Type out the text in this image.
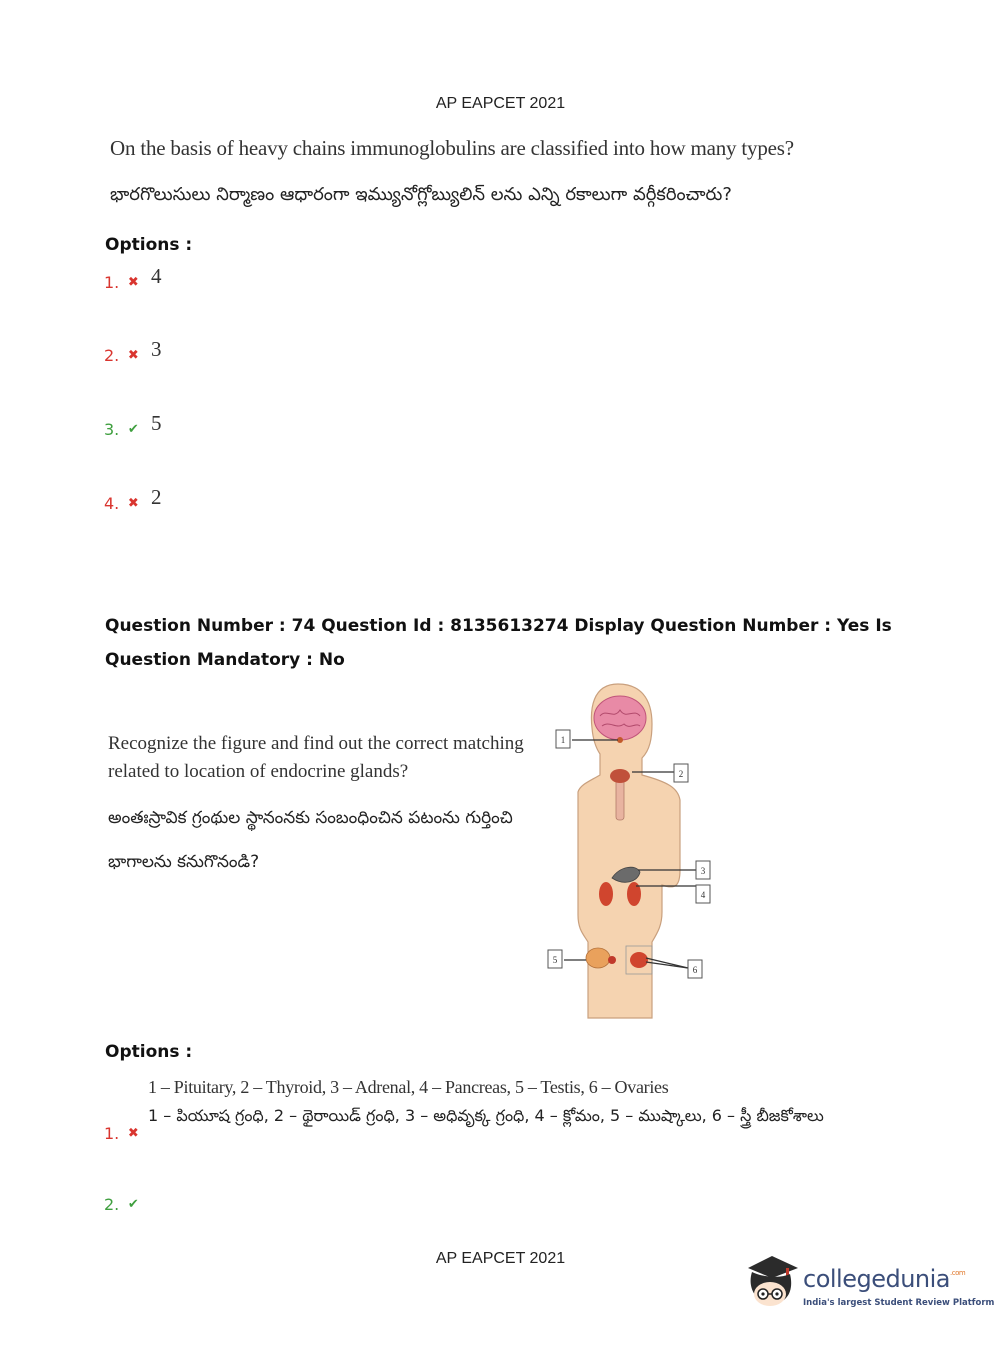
AP EAPCET 2021
On the basis of heavy chains immunoglobulins are classified into how many types?
భారగొలుసులు నిర్మాణం ఆధారంగా ఇమ్యునోగ్లోబ్యులిన్ లను ఎన్ని రకాలుగా వర్గీకరించారు?
Options :
1. ✖ 4
2. ✖ 3
3. ✔ 5
4. ✖ 2
Question Number : 74 Question Id : 8135613274 Display Question Number : Yes Is Question Mandatory : No
Recognize the figure and find out the correct matching related to location of endocrine glands?
అంతఃస్రావిక గ్రంథుల స్థానంనకు సంబంధించిన పటంను గుర్తించి
భాగాలను కనుగొనండి?
1
2
3
4
5
6
Options :
1 – Pituitary, 2 – Thyroid, 3 – Adrenal, 4 – Pancreas, 5 – Testis, 6 – Ovaries
1 – పియూష గ్రంధి, 2 – థైరాయిడ్ గ్రంధి, 3 – అధివృక్క గ్రంధి, 4 – క్లోమం, 5 – ముష్కాలు, 6 – స్త్రీ బీజకోశాలు
1. ✖
2. ✔
AP EAPCET 2021
collegedunia$^{.com}$
India's largest Student Review Platform
